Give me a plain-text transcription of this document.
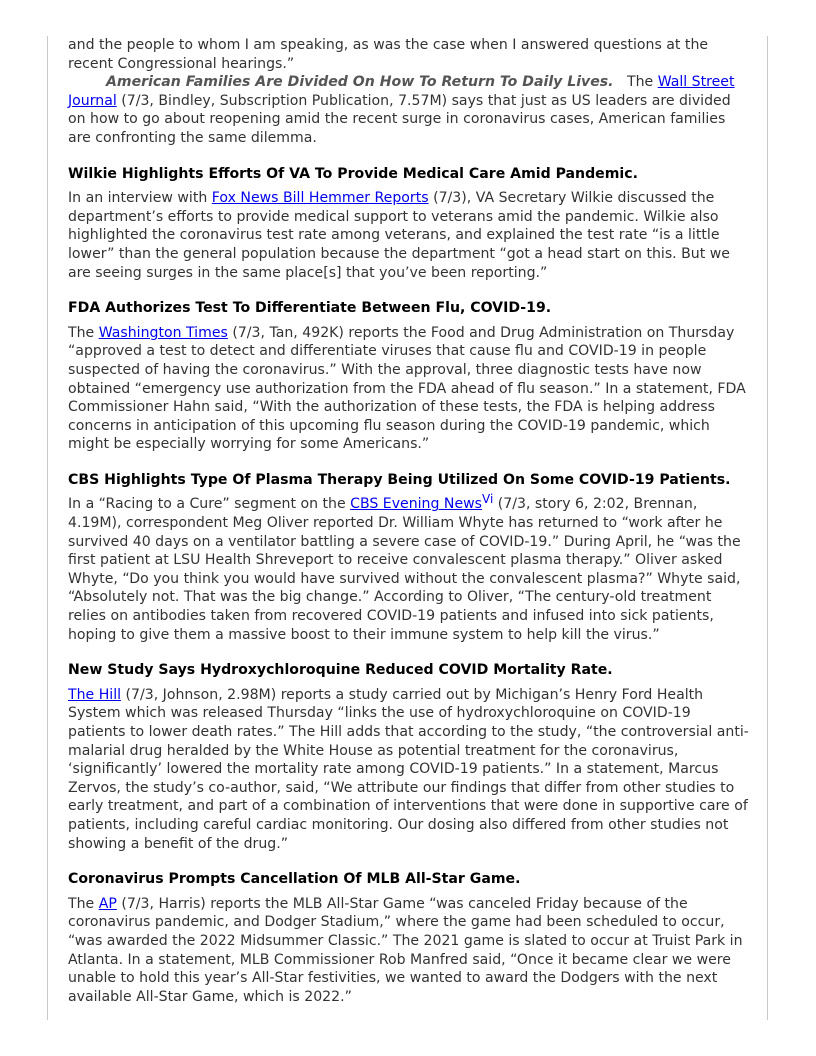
and the people to whom I am speaking, as was the case when I answered questions at the recent Congressional hearings.”

American Families Are Divided On How To Return To Daily Lives. The Wall Street Journal (7/3, Bindley, Subscription Publication, 7.57M) says that just as US leaders are divided on how to go about reopening amid the recent surge in coronavirus cases, American families are confronting the same dilemma.

Wilkie Highlights Efforts Of VA To Provide Medical Care Amid Pandemic.

In an interview with Fox News Bill Hemmer Reports (7/3), VA Secretary Wilkie discussed the department’s efforts to provide medical support to veterans amid the pandemic. Wilkie also highlighted the coronavirus test rate among veterans, and explained the test rate “is a little lower” than the general population because the department “got a head start on this. But we are seeing surges in the same place[s] that you’ve been reporting.”

FDA Authorizes Test To Differentiate Between Flu, COVID-19.

The Washington Times (7/3, Tan, 492K) reports the Food and Drug Administration on Thursday “approved a test to detect and differentiate viruses that cause flu and COVID-19 in people suspected of having the coronavirus.” With the approval, three diagnostic tests have now obtained “emergency use authorization from the FDA ahead of flu season.” In a statement, FDA Commissioner Hahn said, “With the authorization of these tests, the FDA is helping address concerns in anticipation of this upcoming flu season during the COVID-19 pandemic, which might be especially worrying for some Americans.”

CBS Highlights Type Of Plasma Therapy Being Utilized On Some COVID-19 Patients.

In a “Racing to a Cure” segment on the CBS Evening News$^{Vi}$ (7/3, story 6, 2:02, Brennan, 4.19M), correspondent Meg Oliver reported Dr. William Whyte has returned to “work after he survived 40 days on a ventilator battling a severe case of COVID-19.” During April, he “was the first patient at LSU Health Shreveport to receive convalescent plasma therapy.” Oliver asked Whyte, “Do you think you would have survived without the convalescent plasma?” Whyte said, “Absolutely not. That was the big change.” According to Oliver, “The century-old treatment relies on antibodies taken from recovered COVID-19 patients and infused into sick patients, hoping to give them a massive boost to their immune system to help kill the virus.”

New Study Says Hydroxychloroquine Reduced COVID Mortality Rate.

The Hill (7/3, Johnson, 2.98M) reports a study carried out by Michigan’s Henry Ford Health System which was released Thursday “links the use of hydroxychloroquine on COVID-19 patients to lower death rates.” The Hill adds that according to the study, “the controversial anti-malarial drug heralded by the White House as potential treatment for the coronavirus, ‘significantly’ lowered the mortality rate among COVID-19 patients.” In a statement, Marcus Zervos, the study’s co-author, said, “We attribute our findings that differ from other studies to early treatment, and part of a combination of interventions that were done in supportive care of patients, including careful cardiac monitoring. Our dosing also differed from other studies not showing a benefit of the drug.”

Coronavirus Prompts Cancellation Of MLB All-Star Game.

The AP (7/3, Harris) reports the MLB All-Star Game “was canceled Friday because of the coronavirus pandemic, and Dodger Stadium,” where the game had been scheduled to occur, “was awarded the 2022 Midsummer Classic.” The 2021 game is slated to occur at Truist Park in Atlanta. In a statement, MLB Commissioner Rob Manfred said, “Once it became clear we were unable to hold this year’s All-Star festivities, we wanted to award the Dodgers with the next available All-Star Game, which is 2022.”
